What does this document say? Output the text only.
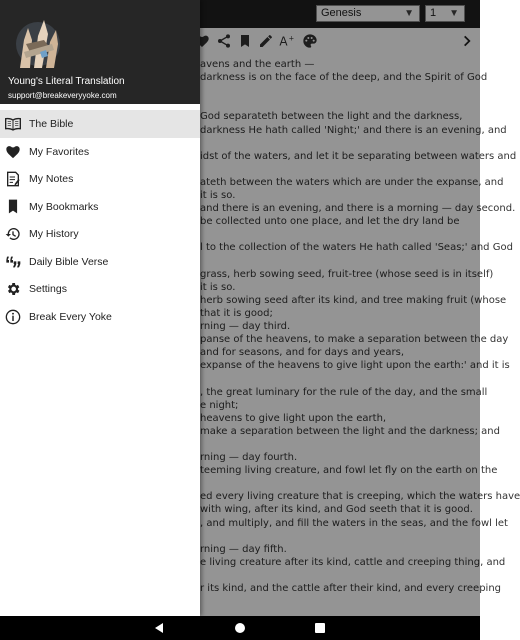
Genesis	▼	1 ▼
A +
avens and the earth —
darkness is on the face of the deep, and the Spirit of God
God separateth between the light and the darkness,
darkness He hath called 'Night;' and there is an evening, and
idst of the waters, and let it be separating between waters and
ateth between the waters which are under the expanse, and
it is so.
and there is an evening, and there is a morning — day second.
be collected unto one place, and let the dry land be
l to the collection of the waters He hath called 'Seas;' and God
grass, herb sowing seed, fruit-tree (whose seed is in itself)
it is so.
herb sowing seed after its kind, and tree making fruit (whose
that it is good;
rning — day third.
panse of the heavens, to make a separation between the day
and for seasons, and for days and years,
expanse of the heavens to give light upon the earth:' and it is
, the great luminary for the rule of the day, and the small
e night;
heavens to give light upon the earth,
make a separation between the light and the darkness; and
rning — day fourth.
teeming living creature, and fowl let fly on the earth on the
ed every living creature that is creeping, which the waters have
with wing, after its kind, and God seeth that it is good.
, and multiply, and fill the waters in the seas, and the fowl let
rning — day fifth.
e living creature after its kind, cattle and creeping thing, and
r its kind, and the cattle after their kind, and every creeping
Young's Literal Translation
support@breakeveryyoke.com
The Bible
My Favorites
My Notes
My Bookmarks
My History
Daily Bible Verse
Settings
Break Every Yoke
